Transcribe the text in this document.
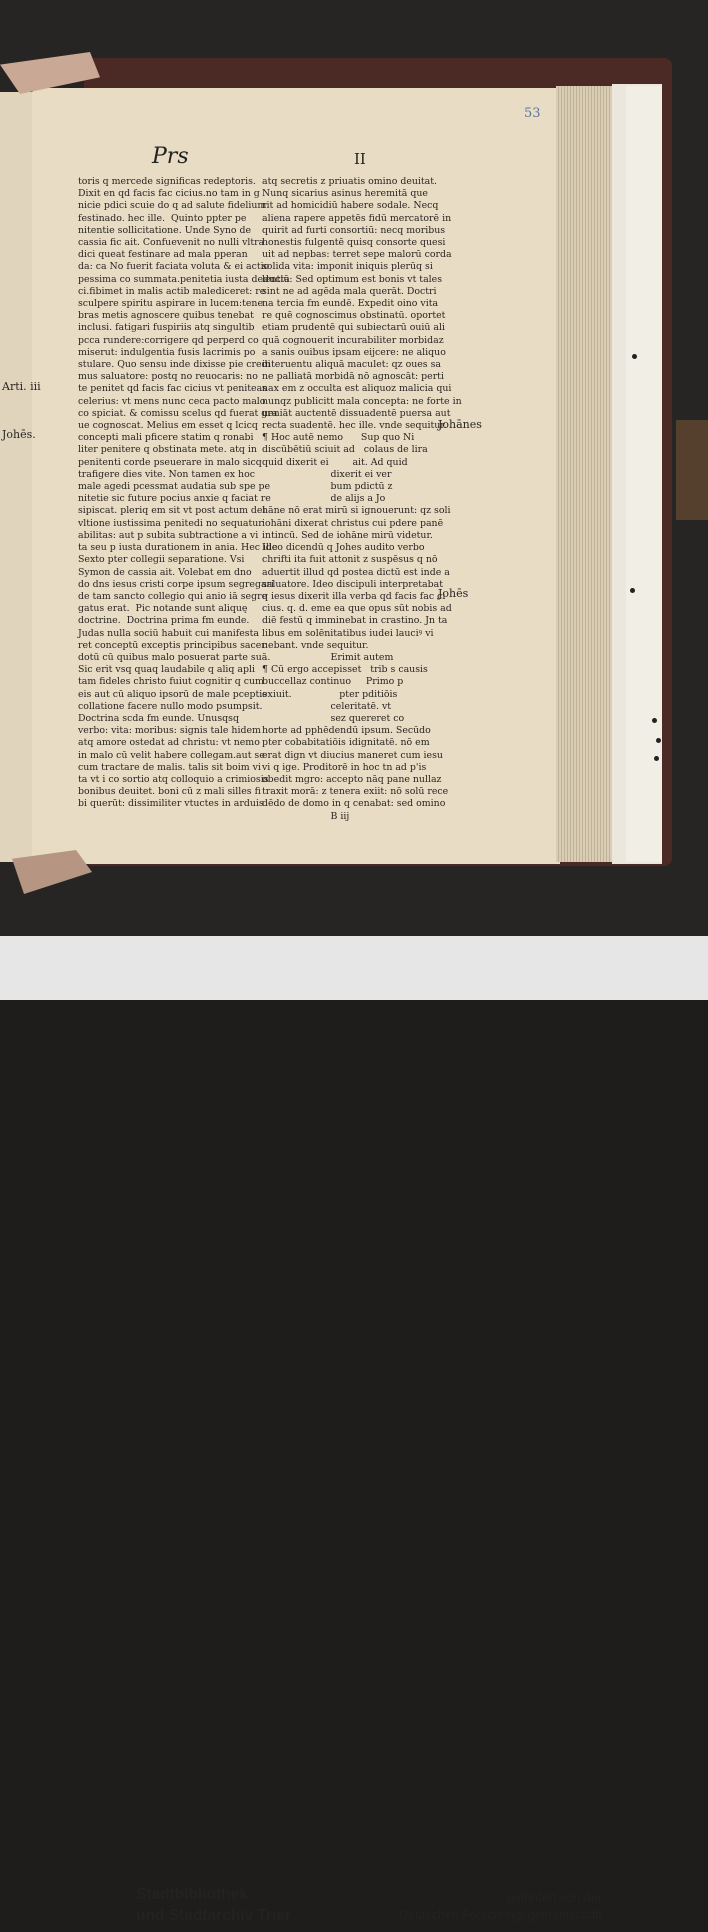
53
Prs	II
toris q mercede significas redeptoris.
Dixit en qd facis fac cicius.no tam in g
nicie pdici scuie do q ad salute fidelium
festinado. hec ille.  Quinto ppter pe
nitentie sollicitatione. Unde Syno de
cassia fic ait. Confuevenit no nulli vltra
dici queat festinare ad mala pperan
da: ca No fuerit faciata voluta & ei actio
pessima co summata.penitetia iusta deducta
ci.fibimet in malis actib malediceret: re
sculpere spiritu aspirare in lucem:tene
bras metis agnoscere quibus tenebat
inclusi. fatigari fuspiriis atq singultib
pcca rundere:corrigere qd perperd co
miserut: indulgentia fusis lacrimis po
stulare. Quo sensu inde dixisse pie credi
mus saluatore: postq no reuocaris: no
te penitet qd facis fac cicius vt peniteas
celerius: vt mens nunc ceca pacto malo
co spiciat. & comissu scelus qd fuerat gra
ue cognoscat. Melius em esset q lcicq
concepti mali pficere statim q ronabi
liter penitere q obstinata mete. atq in
penitenti corde pseuerare in malo sicq
trafigere dies vite. Non tamen ex hoc
male agedi pcessmat audatia sub spe pe
nitetie sic future pocius anxie q faciat re
sipiscat. pleriq em sit vt post actum dei
vltione iustissima penitedi no sequatur
abilitas: aut p subita subtractione a vi
ta seu p iusta durationem in ania. Hec ille
Sexto pter collegii separatione. Vsi
Symon de cassia ait. Volebat em dno
do dns iesus cristi corpe ipsum segregari
de tam sancto collegio qui anio iā segre
gatus erat.  Pic notande sunt aliquę
doctrine.  Doctrina prima fm eunde.
Judas nulla sociū habuit cui manifesta
ret conceptū exceptis principibus sacer
dotū cū quibus malo posuerat parte suā.
Sic erit vsq quaq laudabile q aliq apli
tam fideles christo fuiut cognitir q cum
eis aut cū aliquo ipsorū de male pceptis
collatione facere nullo modo psumpsit.
Doctrina scda fm eunde. Unusqsq
verbo: vita: moribus: signis tale hidem
atq amore ostedat ad christu: vt nemo
in malo cū velit habere collegam.aut se
cum tractare de malis. talis sit boim vi
ta vt i co sortio atq colloquio a crimiosis
bonibus deuitet. boni cū z mali silles fi
bi querūt: dissimiliter vtuctes in arduis
atq secretis z priuatis omino deuitat.
Nunq sicarius asinus heremitā que
rit ad homicidiū habere sodale. Necq
aliena rapere appetēs fidū mercatorē in
quirit ad furti consortiū: necq moribus
honestis fulgentē quisq consorte quesi
uit ad nepbas: terret sepe malorū corda
solida vita: imponit iniquis plerūq si
lentiū: Sed optimum est bonis vt tales
sint ne ad agēda mala querāt. Doctri
na tercia fm eundē. Expedit oino vita
re quē cognoscimus obstinatū. oportet
etiam prudentē qui subiectarū ouiū ali
quā cognouerit incurabiliter morbidaz
a sanis ouibus ipsam eijcere: ne aliquo
interuentu aliquā maculet: qz oues sa
ne palliatā morbidā nō agnoscāt: perti
nax em z occulta est aliquoz malicia qui
nunqz publicitt mala concepta: ne forte in
ueniāt auctentē dissuadentē puersa aut
recta suadentē. hec ille. vnde sequitur.
¶ Hoc autē nemo      Sup quo Ni
discūbētiū sciuit ad   colaus de lira
quid dixerit ei        ait. Ad quid
dixerit ei ver
bum pdictū z
de alijs a Jo
hāne nō erat mirū si ignouerunt: qz soli
iohāni dixerat christus cui pdere panē
intincū. Sed de iohāne mirū videtur.
Ideo dicendū q Johes audito verbo
chrifti ita fuit attonit z suspēsus q nō
aduertit illud qd postea dictū est inde a
saluatore. Ideo discipuli interpretabat
q iesus dixerit illa verba qd facis fac ci
cius. q. d. eme ea que opus sūt nobis ad
diē festū q imminebat in crastino. Jn ta
libus em solēnitatibus iudei lauciꝰ vi
uebant. vnde sequitur.
Erimit autem
¶ Cū ergo accepisset   trib s causis
buccellaz continuo     Primo p
exiuit.                pter pditiōis
celeritatē. vt
sez quereret co
horte ad pphēdendū ipsum. Secūdo
pter cobabitatiōis idignitatē. nō em
erat dign vt diucius maneret cum iesu
vi q ige. Proditorē in hoc tn ad p'is
obedit mgro: accepto nāq pane nullaz
traxit morā: z tenera exiit: nō solū rece
dēdo de domo in q cenabat: sed omino
B iij
Arti. iii
Johēs.
Johānes
Johēs
Stadtbibliothek
und Stadtarchiv Trier
gefördert von der
Deutschen Forschungsgemeinschaft DFG
